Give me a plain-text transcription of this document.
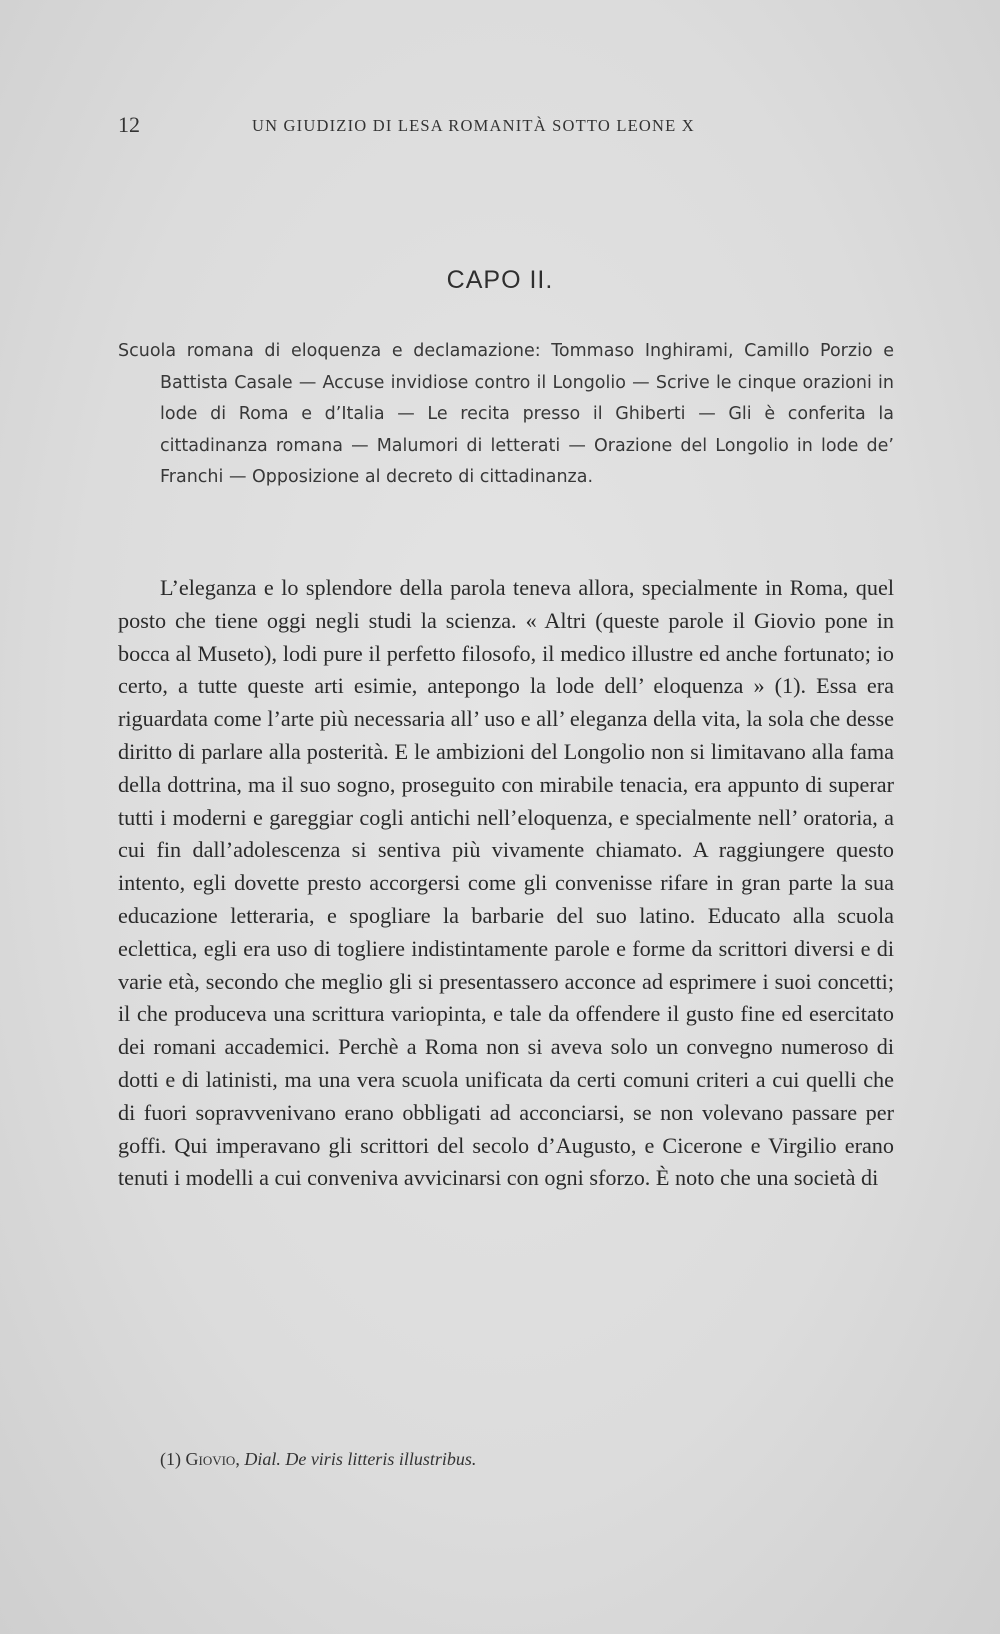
12	UN GIUDIZIO DI LESA ROMANITÀ SOTTO LEONE X
CAPO II.

Scuola romana di eloquenza e declamazione: Tommaso Inghirami, Camillo Porzio e Battista Casale — Accuse invidiose contro il Longolio — Scrive le cinque orazioni in lode di Roma e d’Italia — Le recita presso il Ghiberti — Gli è conferita la cittadinanza romana — Malumori di letterati — Orazione del Longolio in lode de’ Franchi — Opposizione al decreto di cittadinanza.

L’eleganza e lo splendore della parola teneva allora, specialmente in Roma, quel posto che tiene oggi negli studi la scienza. « Altri (queste parole il Giovio pone in bocca al Museto), lodi pure il perfetto filosofo, il medico illustre ed anche fortunato; io certo, a tutte queste arti esimie, antepongo la lode dell’ eloquenza » (1). Essa era riguardata come l’arte più necessaria all’ uso e all’ eleganza della vita, la sola che desse diritto di parlare alla posterità. E le ambizioni del Longolio non si limitavano alla fama della dottrina, ma il suo sogno, proseguito con mirabile tenacia, era appunto di superar tutti i moderni e gareggiar cogli antichi nell’eloquenza, e specialmente nell’ oratoria, a cui fin dall’adolescenza si sentiva più vivamente chiamato. A raggiungere questo intento, egli dovette presto accorgersi come gli convenisse rifare in gran parte la sua educazione letteraria, e spogliare la barbarie del suo latino. Educato alla scuola eclettica, egli era uso di togliere indistintamente parole e forme da scrittori diversi e di varie età, secondo che meglio gli si presentassero acconce ad esprimere i suoi concetti; il che produceva una scrittura variopinta, e tale da offendere il gusto fine ed esercitato dei romani accademici. Perchè a Roma non si aveva solo un convegno numeroso di dotti e di latinisti, ma una vera scuola unificata da certi comuni criteri a cui quelli che di fuori sopravvenivano erano obbligati ad acconciarsi, se non volevano passare per goffi. Qui imperavano gli scrittori del secolo d’Augusto, e Cicerone e Virgilio erano tenuti i modelli a cui conveniva avvicinarsi con ogni sforzo. È noto che una società di

(1) Giovio, Dial. De viris litteris illustribus.
